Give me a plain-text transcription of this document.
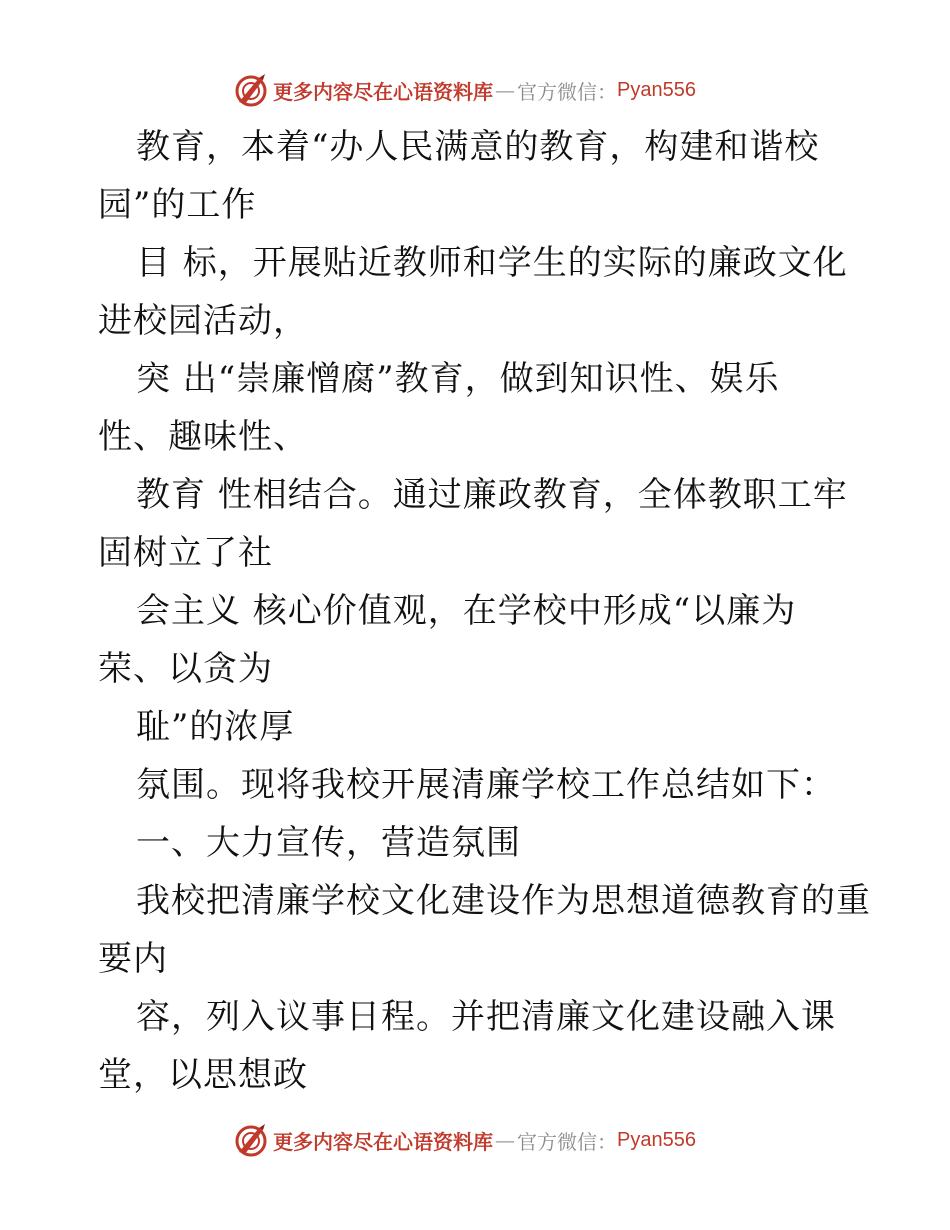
更多内容尽在心语资料库 — 官方微信： Pyan556
教育，本着“办人民满意的教育，构建和谐校
园”的工作
目 标，开展贴近教师和学生的实际的廉政文化
进校园活动，
突 出“崇廉憎腐”教育，做到知识性、娱乐
性、趣味性、
教育 性相结合。通过廉政教育，全体教职工牢
固树立了社
会主义 核心价值观，在学校中形成“以廉为
荣、以贪为
耻”的浓厚
氛围。现将我校开展清廉学校工作总结如下：
一、大力宣传，营造氛围
我校把清廉学校文化建设作为思想道德教育的重
要内
容，列入议事日程。并把清廉文化建设融入课
堂，以思想政
更多内容尽在心语资料库 — 官方微信： Pyan556
